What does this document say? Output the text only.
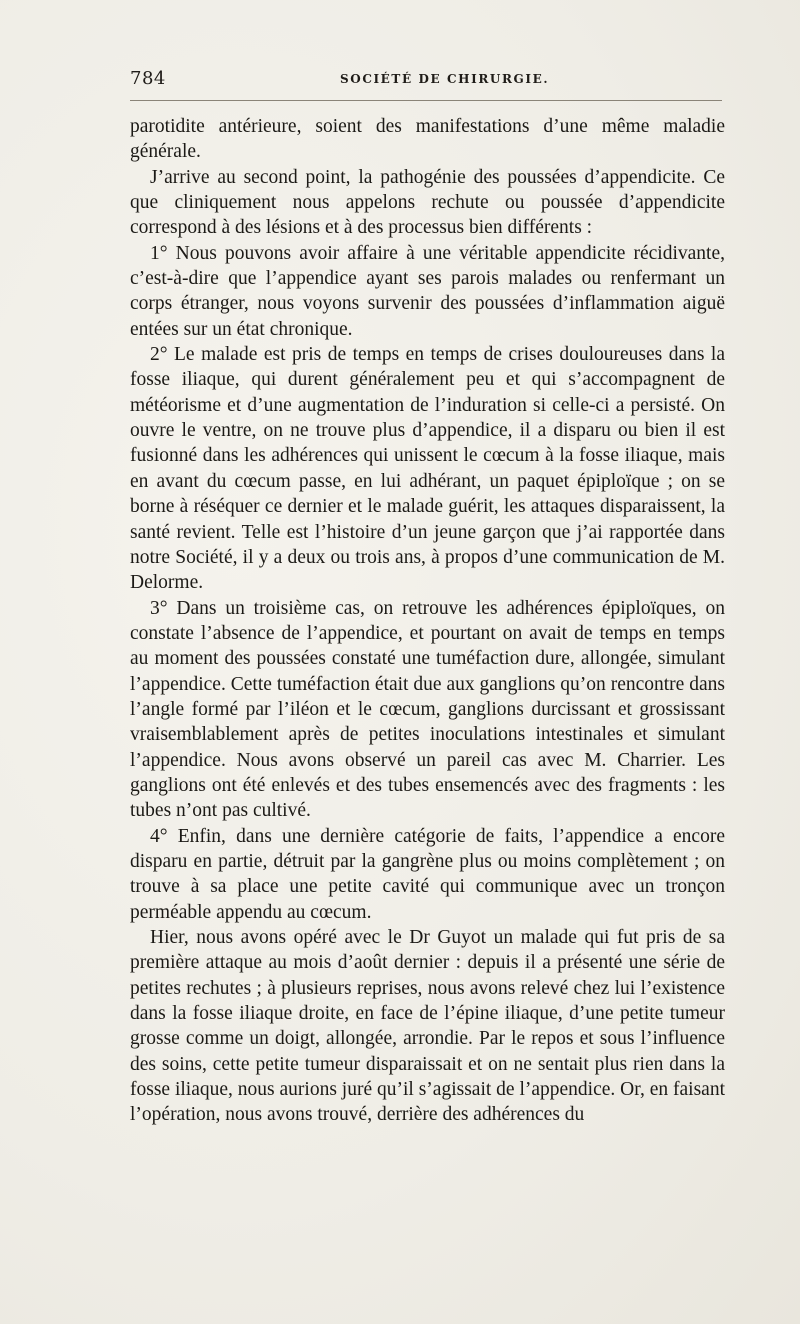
784	SOCIÉTÉ DE CHIRURGIE.

parotidite antérieure, soient des manifestations d’une même maladie générale.

J’arrive au second point, la pathogénie des poussées d’appendicite. Ce que cliniquement nous appelons rechute ou poussée d’appendicite correspond à des lésions et à des processus bien différents :

1° Nous pouvons avoir affaire à une véritable appendicite récidivante, c’est-à-dire que l’appendice ayant ses parois malades ou renfermant un corps étranger, nous voyons survenir des poussées d’inflammation aiguë entées sur un état chronique.

2° Le malade est pris de temps en temps de crises douloureuses dans la fosse iliaque, qui durent généralement peu et qui s’accompagnent de météorisme et d’une augmentation de l’induration si celle-ci a persisté. On ouvre le ventre, on ne trouve plus d’appendice, il a disparu ou bien il est fusionné dans les adhérences qui unissent le cœcum à la fosse iliaque, mais en avant du cœcum passe, en lui adhérant, un paquet épiploïque ; on se borne à réséquer ce dernier et le malade guérit, les attaques disparaissent, la santé revient. Telle est l’histoire d’un jeune garçon que j’ai rapportée dans notre Société, il y a deux ou trois ans, à propos d’une communication de M. Delorme.

3° Dans un troisième cas, on retrouve les adhérences épiploïques, on constate l’absence de l’appendice, et pourtant on avait de temps en temps au moment des poussées constaté une tuméfaction dure, allongée, simulant l’appendice. Cette tuméfaction était due aux ganglions qu’on rencontre dans l’angle formé par l’iléon et le cœcum, ganglions durcissant et grossissant vraisemblablement après de petites inoculations intestinales et simulant l’appendice. Nous avons observé un pareil cas avec M. Charrier. Les ganglions ont été enlevés et des tubes ensemencés avec des fragments : les tubes n’ont pas cultivé.

4° Enfin, dans une dernière catégorie de faits, l’appendice a encore disparu en partie, détruit par la gangrène plus ou moins complètement ; on trouve à sa place une petite cavité qui communique avec un tronçon perméable appendu au cœcum.

Hier, nous avons opéré avec le Dr Guyot un malade qui fut pris de sa première attaque au mois d’août dernier : depuis il a présenté une série de petites rechutes ; à plusieurs reprises, nous avons relevé chez lui l’existence dans la fosse iliaque droite, en face de l’épine iliaque, d’une petite tumeur grosse comme un doigt, allongée, arrondie. Par le repos et sous l’influence des soins, cette petite tumeur disparaissait et on ne sentait plus rien dans la fosse iliaque, nous aurions juré qu’il s’agissait de l’appendice. Or, en faisant l’opération, nous avons trouvé, derrière des adhérences du
